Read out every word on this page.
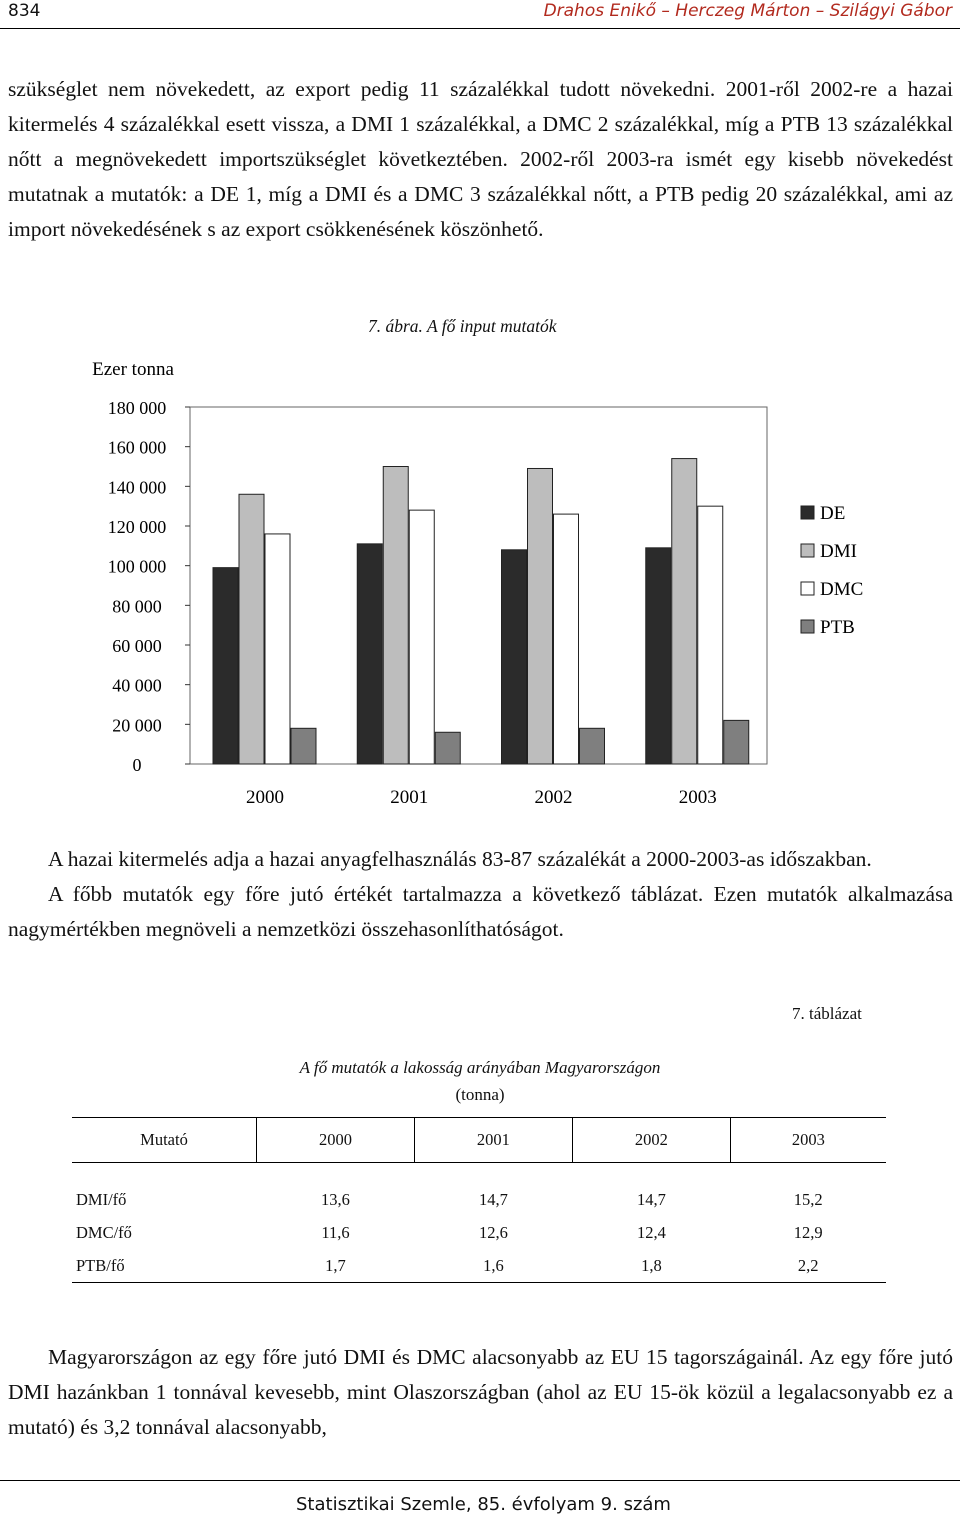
834	Drahos Enikő – Herczeg Márton – Szilágyi Gábor

szükséglet nem növekedett, az export pedig 11 százalékkal tudott növekedni. 2001-ről 2002-re a hazai kitermelés 4 százalékkal esett vissza, a DMI 1 százalékkal, a DMC 2 százalékkal, míg a PTB 13 százalékkal nőtt a megnövekedett importszükséglet következtében. 2002-ről 2003-ra ismét egy kisebb növekedést mutatnak a mutatók: a DE 1, míg a DMI és a DMC 3 százalékkal nőtt, a PTB pedig 20 százalékkal, ami az import növekedésének s az export csökkenésének köszönhető.

7. ábra. A fő input mutatók
Ezer tonna
0
20 000
40 000
60 000
80 000
100 000
120 000
140 000
160 000
180 000
2000	2001	2002	2003
DE
DMI
DMC
PTB
A hazai kitermelés adja a hazai anyagfelhasználás 83-87 százalékát a 2000-2003-as időszakban.
A főbb mutatók egy főre jutó értékét tartalmazza a következő táblázat. Ezen mutatók alkalmazása nagymértékben megnöveli a nemzetközi összehasonlíthatóságot.
7. táblázat
A fő mutatók a lakosság arányában Magyarországon
(tonna)
Mutató	2000	2001	2002	2003
DMI/fő	13,6	14,7	14,7	15,2
DMC/fő	11,6	12,6	12,4	12,9
PTB/fő	1,7	1,6	1,8	2,2

Magyarországon az egy főre jutó DMI és DMC alacsonyabb az EU 15 tagországainál. Az egy főre jutó DMI hazánkban 1 tonnával kevesebb, mint Olaszországban (ahol az EU 15-ök közül a legalacsonyabb ez a mutató) és 3,2 tonnával alacsonyabb,

Statisztikai Szemle, 85. évfolyam 9. szám
